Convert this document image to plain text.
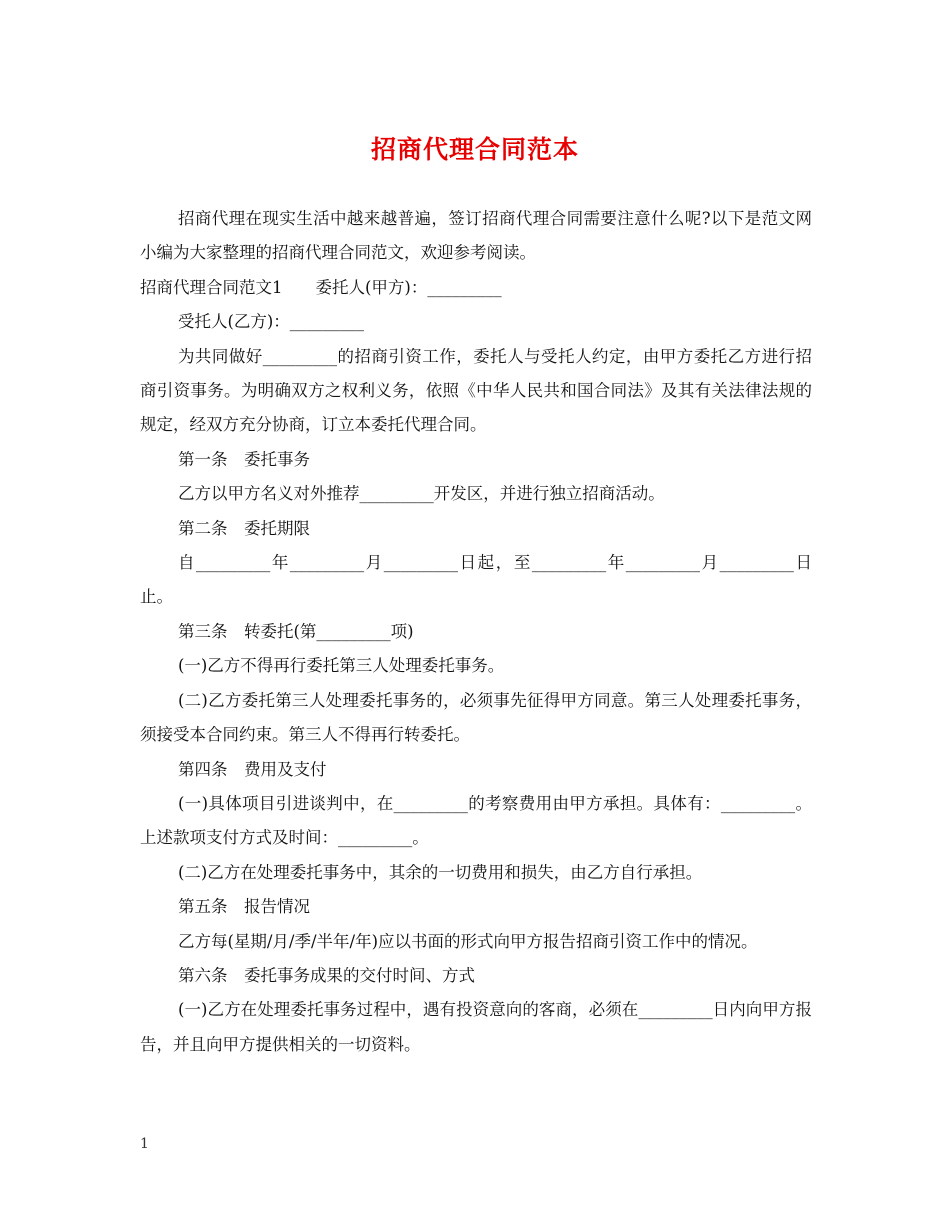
招商代理合同范本

招商代理在现实生活中越来越普遍，签订招商代理合同需要注意什么呢?以下是范文网小编为大家整理的招商代理合同范文，欢迎参考阅读。

招商代理合同范文1　　委托人(甲方)：_________

受托人(乙方)：_________

为共同做好_________的招商引资工作，委托人与受托人约定，由甲方委托乙方进行招商引资事务。为明确双方之权利义务，依照《中华人民共和国合同法》及其有关法律法规的规定，经双方充分协商，订立本委托代理合同。

第一条　委托事务

乙方以甲方名义对外推荐_________开发区，并进行独立招商活动。

第二条　委托期限

自_________年_________月_________日起，至_________年_________月_________日止。

第三条　转委托(第_________项)

(一)乙方不得再行委托第三人处理委托事务。

(二)乙方委托第三人处理委托事务的，必须事先征得甲方同意。第三人处理委托事务，须接受本合同约束。第三人不得再行转委托。

第四条　费用及支付

(一)具体项目引进谈判中，在_________的考察费用由甲方承担。具体有：_________。上述款项支付方式及时间：_________。

(二)乙方在处理委托事务中，其余的一切费用和损失，由乙方自行承担。

第五条　报告情况

乙方每(星期/月/季/半年/年)应以书面的形式向甲方报告招商引资工作中的情况。

第六条　委托事务成果的交付时间、方式

(一)乙方在处理委托事务过程中，遇有投资意向的客商，必须在_________日内向甲方报告，并且向甲方提供相关的一切资料。

1
